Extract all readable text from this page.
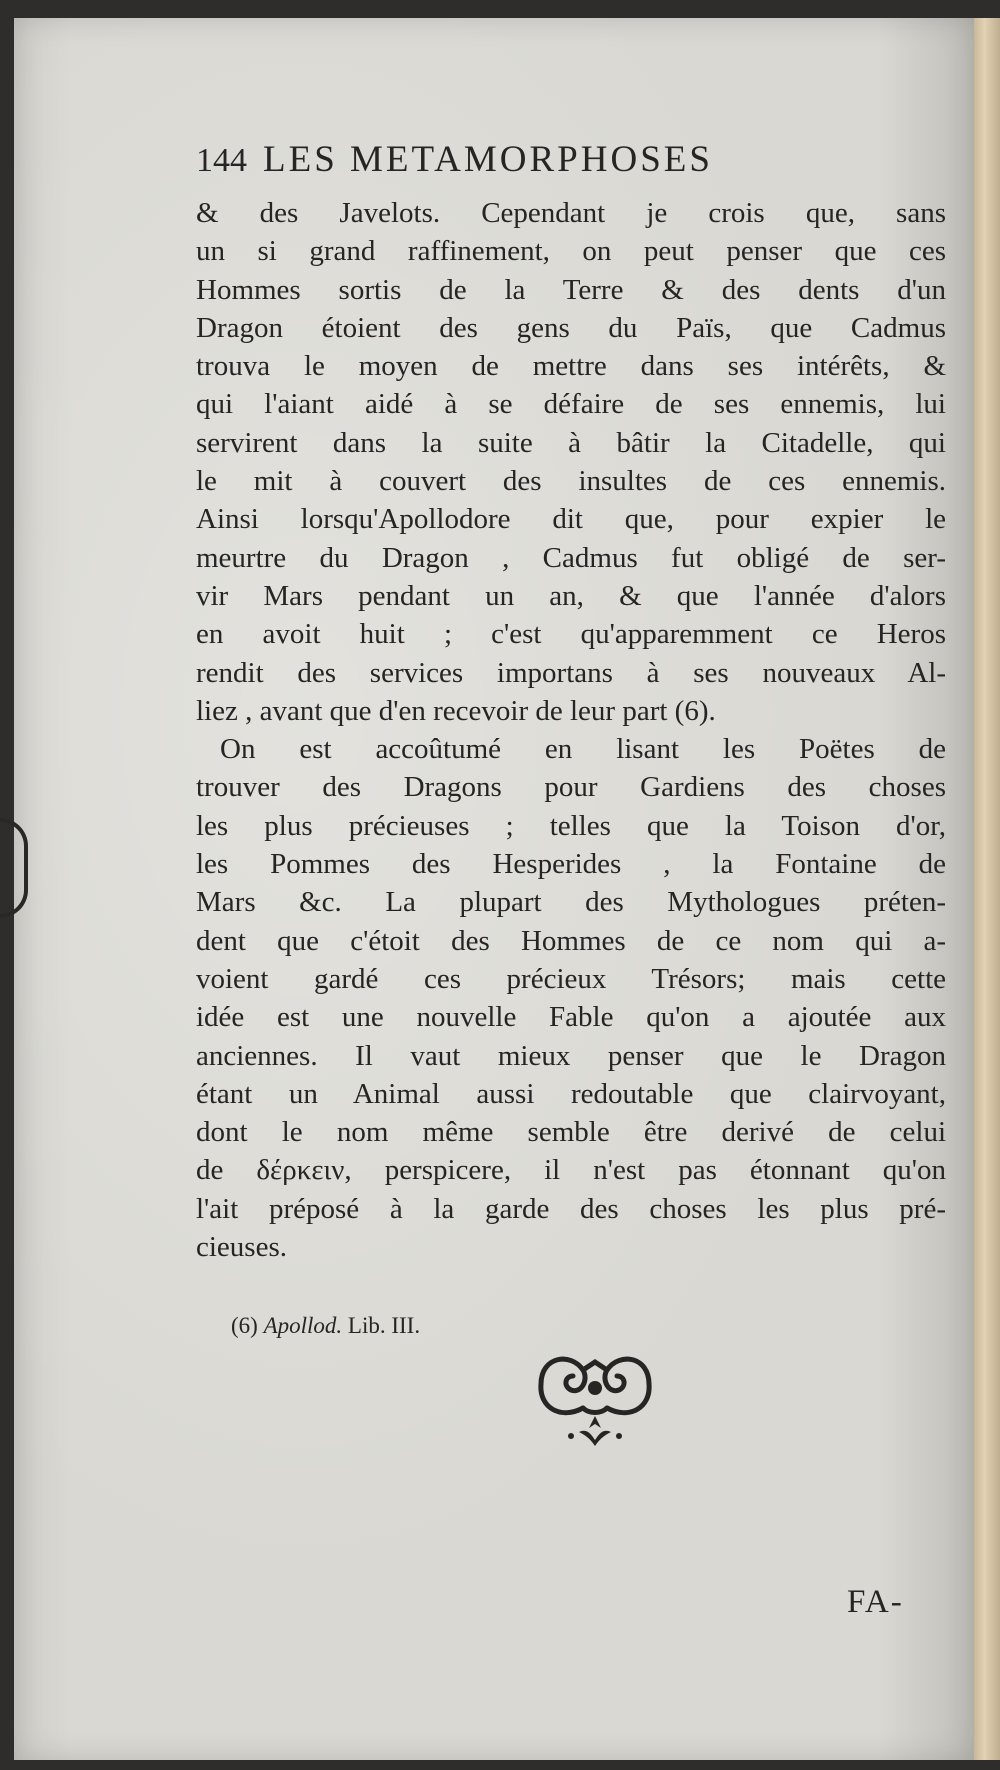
144 LES METAMORPHOSES
& des Javelots. Cependant je crois que, sans
un si grand raffinement, on peut penser que ces
Hommes sortis de la Terre & des dents d'un
Dragon étoient des gens du Païs, que Cadmus
trouva le moyen de mettre dans ses intérêts, &
qui l'aiant aidé à se défaire de ses ennemis, lui
servirent dans la suite à bâtir la Citadelle, qui
le mit à couvert des insultes de ces ennemis.
Ainsi lorsqu'Apollodore dit que, pour expier le
meurtre du Dragon , Cadmus fut obligé de ser-
vir Mars pendant un an, & que l'année d'alors
en avoit huit ; c'est qu'apparemment ce Heros
rendit des services importans à ses nouveaux Al-
liez , avant que d'en recevoir de leur part (6).
On est accoûtumé en lisant les Poëtes de
trouver des Dragons pour Gardiens des choses
les plus précieuses ; telles que la Toison d'or,
les Pommes des Hesperides , la Fontaine de
Mars &c. La plupart des Mythologues préten-
dent que c'étoit des Hommes de ce nom qui a-
voient gardé ces précieux Trésors; mais cette
idée est une nouvelle Fable qu'on a ajoutée aux
anciennes. Il vaut mieux penser que le Dragon
étant un Animal aussi redoutable que clairvoyant,
dont le nom même semble être derivé de celui
de δέρκειν, perspicere, il n'est pas étonnant qu'on
l'ait préposé à la garde des choses les plus pré-
cieuses.
(6) Apollod. Lib. III.
FA-
